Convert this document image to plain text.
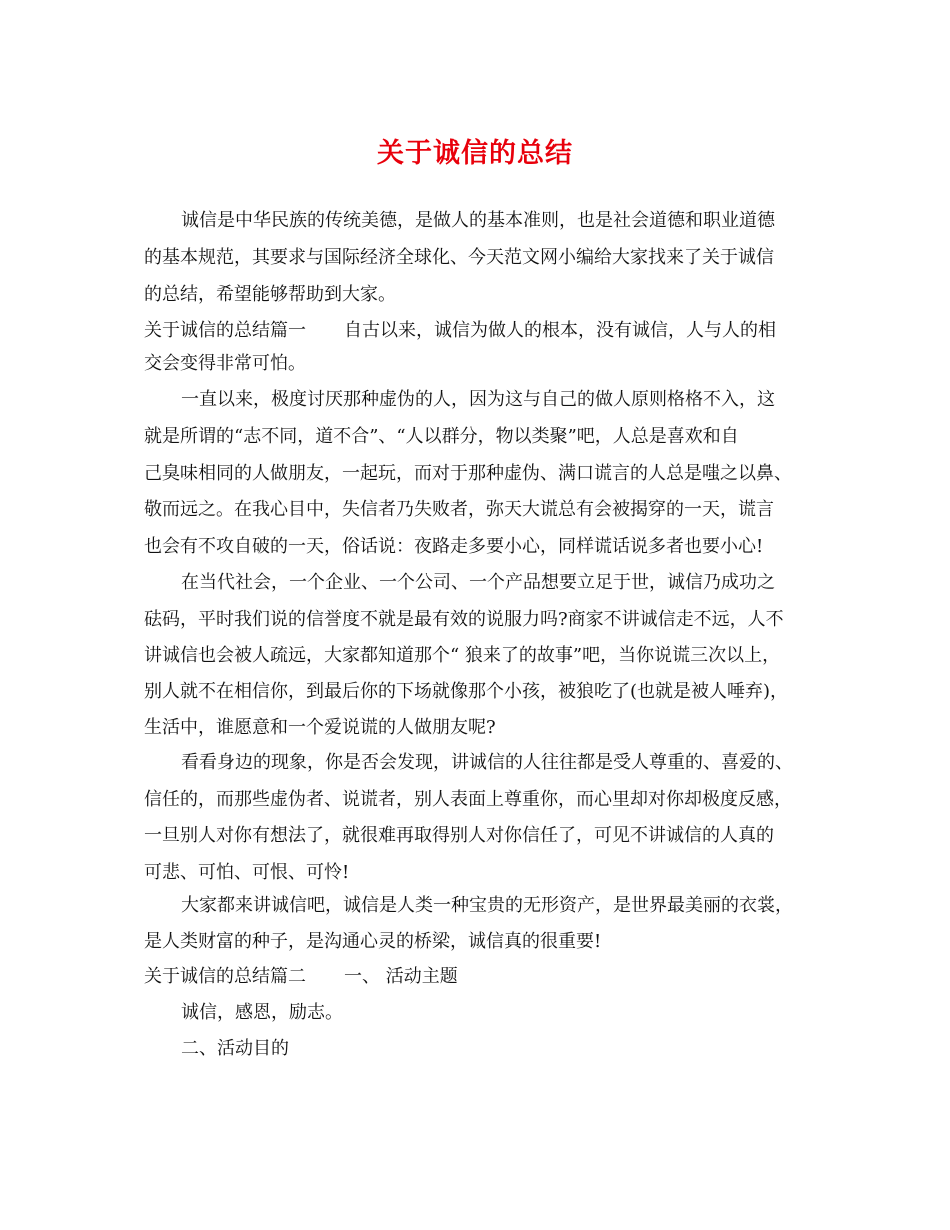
关于诚信的总结
诚信是中华民族的传统美德，是做人的基本准则，也是社会道德和职业道德
的基本规范，其要求与国际经济全球化、今天范文网小编给大家找来了关于诚信
的总结，希望能够帮助到大家。
关于诚信的总结篇一 自古以来，诚信为做人的根本，没有诚信，人与人的相
交会变得非常可怕。
一直以来，极度讨厌那种虚伪的人，因为这与自己的做人原则格格不入，这
就是所谓的“志不同，道不合”、“人以群分，物以类聚”吧，人总是喜欢和自
己臭味相同的人做朋友，一起玩，而对于那种虚伪、满口谎言的人总是嗤之以鼻、
敬而远之。在我心目中，失信者乃失败者，弥天大谎总有会被揭穿的一天，谎言
也会有不攻自破的一天，俗话说：夜路走多要小心，同样谎话说多者也要小心!
在当代社会，一个企业、一个公司、一个产品想要立足于世，诚信乃成功之
砝码，平时我们说的信誉度不就是最有效的说服力吗?商家不讲诚信走不远，人不
讲诚信也会被人疏远，大家都知道那个“ 狼来了的故事”吧，当你说谎三次以上，
别人就不在相信你，到最后你的下场就像那个小孩，被狼吃了(也就是被人唾弃)，
生活中，谁愿意和一个爱说谎的人做朋友呢?
看看身边的现象，你是否会发现，讲诚信的人往往都是受人尊重的、喜爱的、
信任的，而那些虚伪者、说谎者，别人表面上尊重你，而心里却对你却极度反感，
一旦别人对你有想法了，就很难再取得别人对你信任了，可见不讲诚信的人真的
可悲、可怕、可恨、可怜!
大家都来讲诚信吧，诚信是人类一种宝贵的无形资产，是世界最美丽的衣裳，
是人类财富的种子，是沟通心灵的桥梁，诚信真的很重要!
关于诚信的总结篇二 一、 活动主题
诚信，感恩，励志。
二、活动目的
